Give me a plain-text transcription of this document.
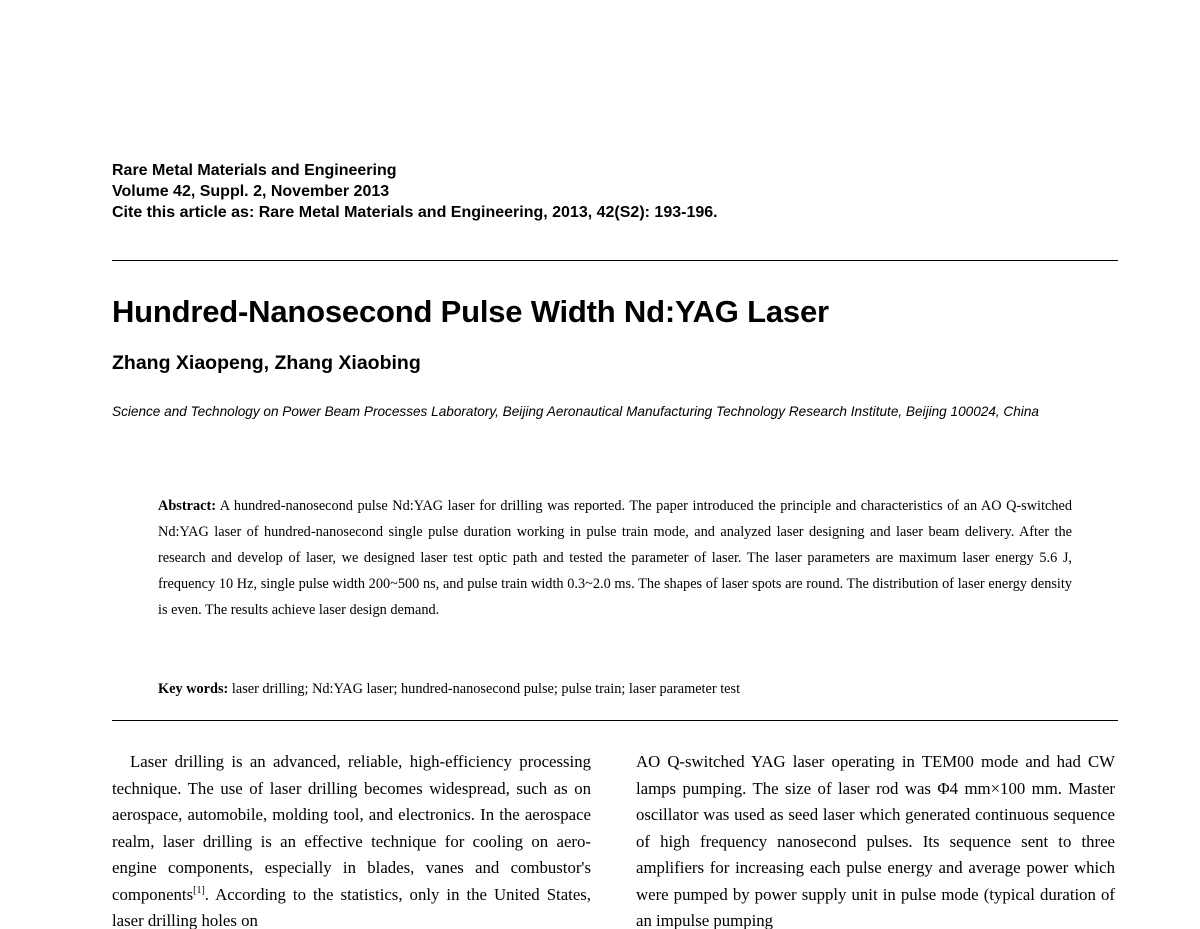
Rare Metal Materials and Engineering
Volume 42, Suppl. 2, November 2013
Cite this article as: Rare Metal Materials and Engineering, 2013, 42(S2): 193-196.
Hundred-Nanosecond Pulse Width Nd:YAG Laser

Zhang Xiaopeng, Zhang Xiaobing

Science and Technology on Power Beam Processes Laboratory, Beijing Aeronautical Manufacturing Technology Research Institute, Beijing 100024, China

Abstract: A hundred-nanosecond pulse Nd:YAG laser for drilling was reported. The paper introduced the principle and characteristics of an AO Q-switched Nd:YAG laser of hundred-nanosecond single pulse duration working in pulse train mode, and analyzed laser designing and laser beam delivery. After the research and develop of laser, we designed laser test optic path and tested the parameter of laser. The laser parameters are maximum laser energy 5.6 J, frequency 10 Hz, single pulse width 200~500 ns, and pulse train width 0.3~2.0 ms. The shapes of laser spots are round. The distribution of laser energy density is even. The results achieve laser design demand.

Key words: laser drilling; Nd:YAG laser; hundred-nanosecond pulse; pulse train; laser parameter test

Laser drilling is an advanced, reliable, high-efficiency processing technique. The use of laser drilling becomes widespread, such as on aerospace, automobile, molding tool, and electronics. In the aerospace realm, laser drilling is an effective technique for cooling on aero-engine components, especially in blades, vanes and combustor's components[1]. According to the statistics, only in the United States, laser drilling holes on

AO Q-switched YAG laser operating in TEM00 mode and had CW lamps pumping. The size of laser rod was Φ4 mm×100 mm. Master oscillator was used as seed laser which generated continuous sequence of high frequency nanosecond pulses. Its sequence sent to three amplifiers for increasing each pulse energy and average power which were pumped by power supply unit in pulse mode (typical duration of an impulse pumping
